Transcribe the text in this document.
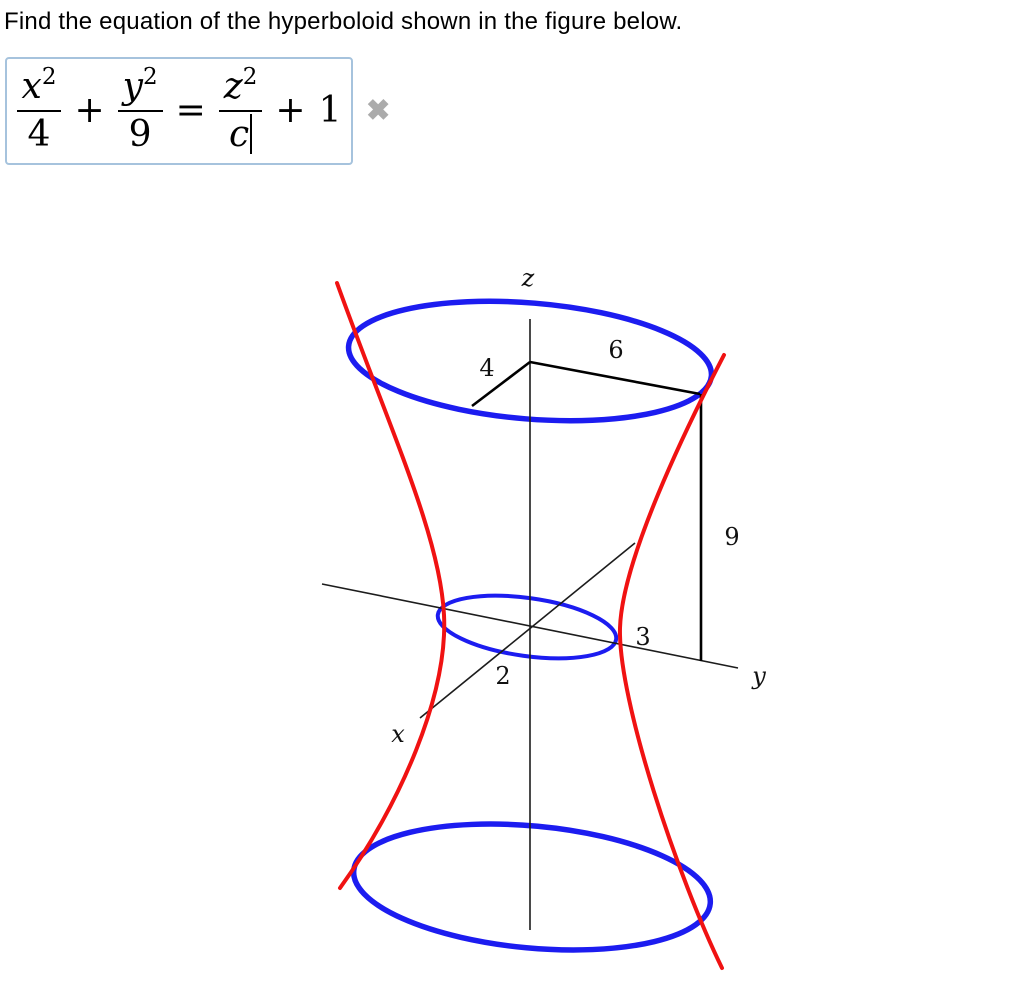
Find the equation of the hyperboloid shown in the figure below.
$\frac{x^2}{4} + \frac{y^2}{9} = \frac{z^2}{c} + 1$ ✖
z
y
x
4
6
9
2
3
